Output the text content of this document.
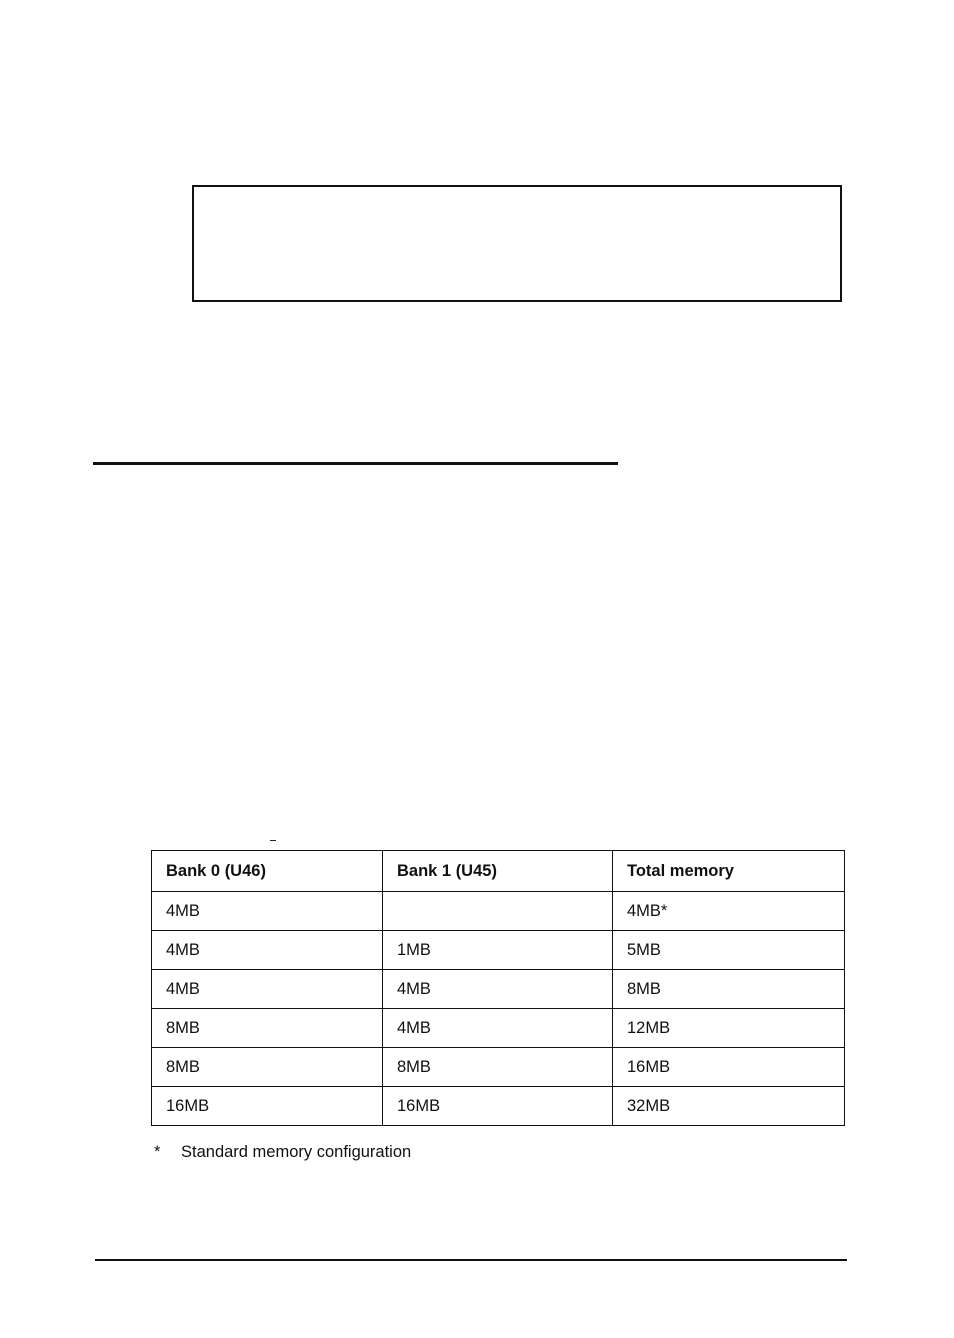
Bank 0 (U46)	Bank 1 (U45)	Total memory
4MB		4MB*
4MB	1MB	5MB
4MB	4MB	8MB
8MB	4MB	12MB
8MB	8MB	16MB
16MB	16MB	32MB
* Standard memory configuration
